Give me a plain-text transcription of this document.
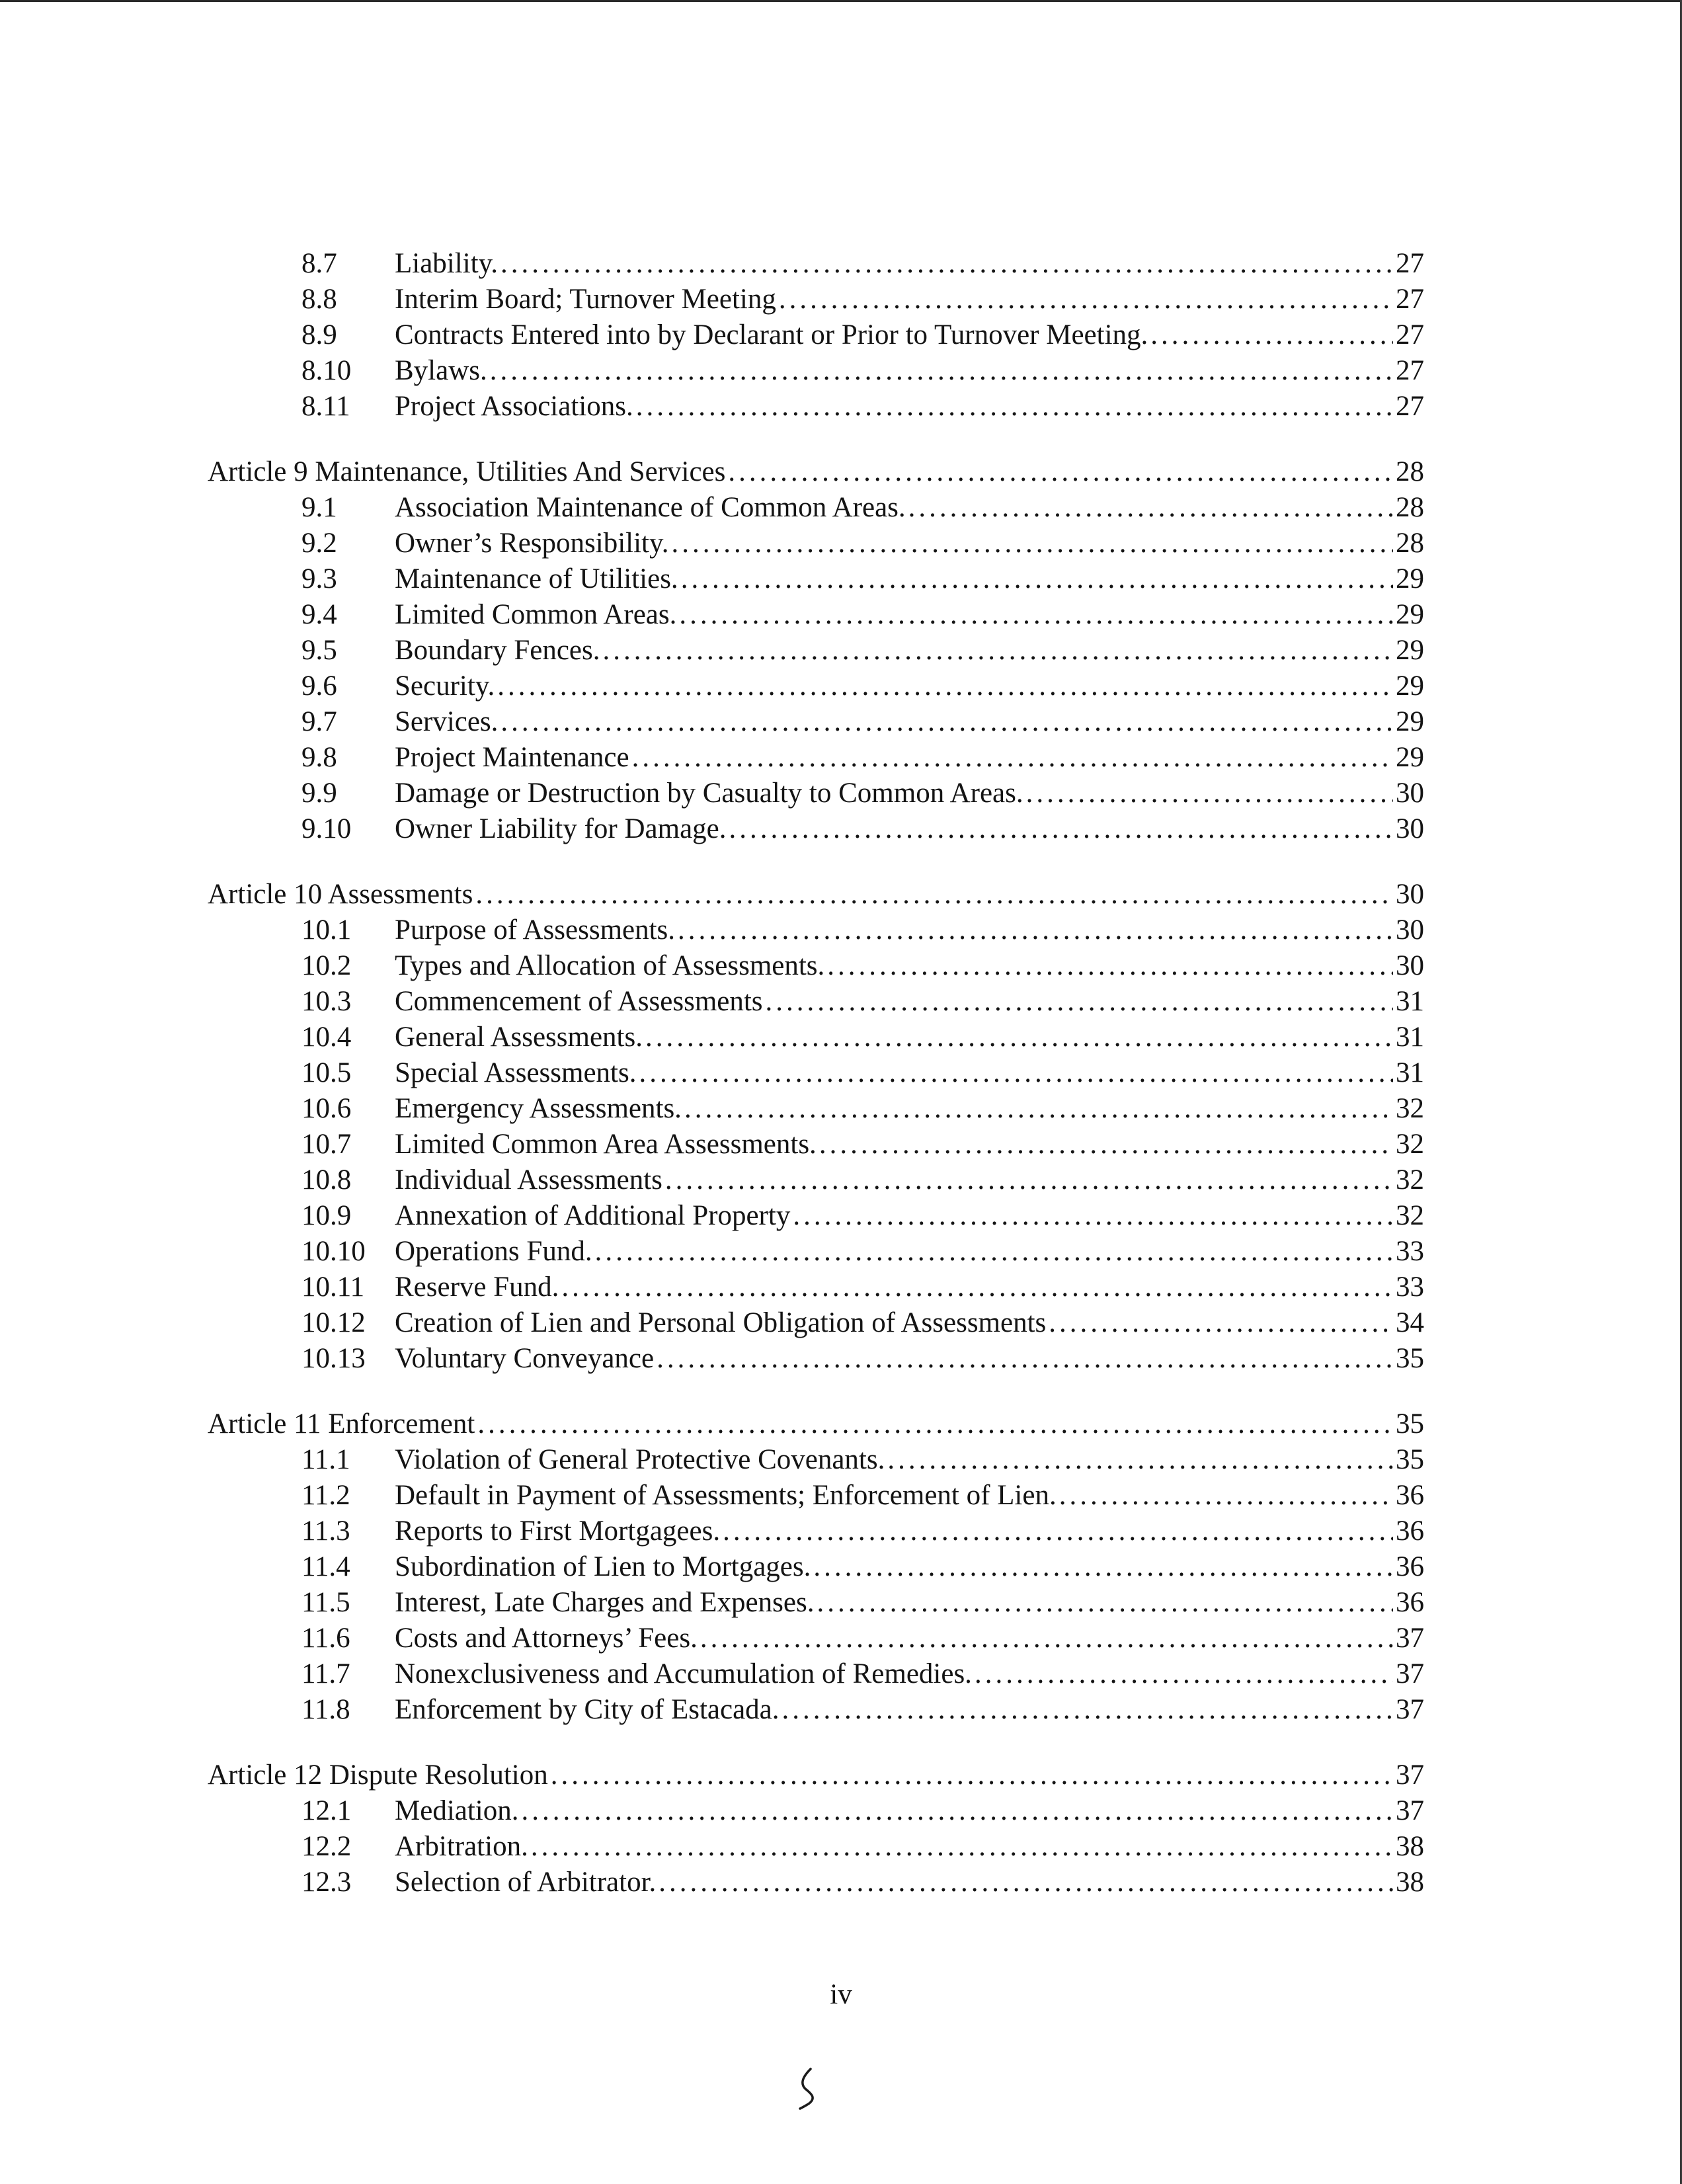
8.7	Liability. .....	27
8.8	Interim Board; Turnover Meeting .....	27
8.9	Contracts Entered into by Declarant or Prior to Turnover Meeting. .....	27
8.10	Bylaws. .....	27
8.11	Project Associations. .....	27
Article 9 Maintenance, Utilities And Services .....	28
9.1	Association Maintenance of Common Areas. .....	28
9.2	Owner’s Responsibility. .....	28
9.3	Maintenance of Utilities. .....	29
9.4	Limited Common Areas. .....	29
9.5	Boundary Fences. .....	29
9.6	Security. .....	29
9.7	Services. .....	29
9.8	Project Maintenance .....	29
9.9	Damage or Destruction by Casualty to Common Areas. .....	30
9.10	Owner Liability for Damage. .....	30
Article 10 Assessments .....	30
10.1	Purpose of Assessments. .....	30
10.2	Types and Allocation of Assessments. .....	30
10.3	Commencement of Assessments .....	31
10.4	General Assessments. .....	31
10.5	Special Assessments. .....	31
10.6	Emergency Assessments. .....	32
10.7	Limited Common Area Assessments. .....	32
10.8	Individual Assessments .....	32
10.9	Annexation of Additional Property .....	32
10.10	Operations Fund. .....	33
10.11	Reserve Fund. .....	33
10.12	Creation of Lien and Personal Obligation of Assessments .....	34
10.13	Voluntary Conveyance .....	35
Article 11 Enforcement .....	35
11.1	Violation of General Protective Covenants. .....	35
11.2	Default in Payment of Assessments; Enforcement of Lien. .....	36
11.3	Reports to First Mortgagees. .....	36
11.4	Subordination of Lien to Mortgages. .....	36
11.5	Interest, Late Charges and Expenses. .....	36
11.6	Costs and Attorneys’ Fees. .....	37
11.7	Nonexclusiveness and Accumulation of Remedies. .....	37
11.8	Enforcement by City of Estacada. .....	37
Article 12 Dispute Resolution .....	37
12.1	Mediation. .....	37
12.2	Arbitration. .....	38
12.3	Selection of Arbitrator. .....	38
iv
